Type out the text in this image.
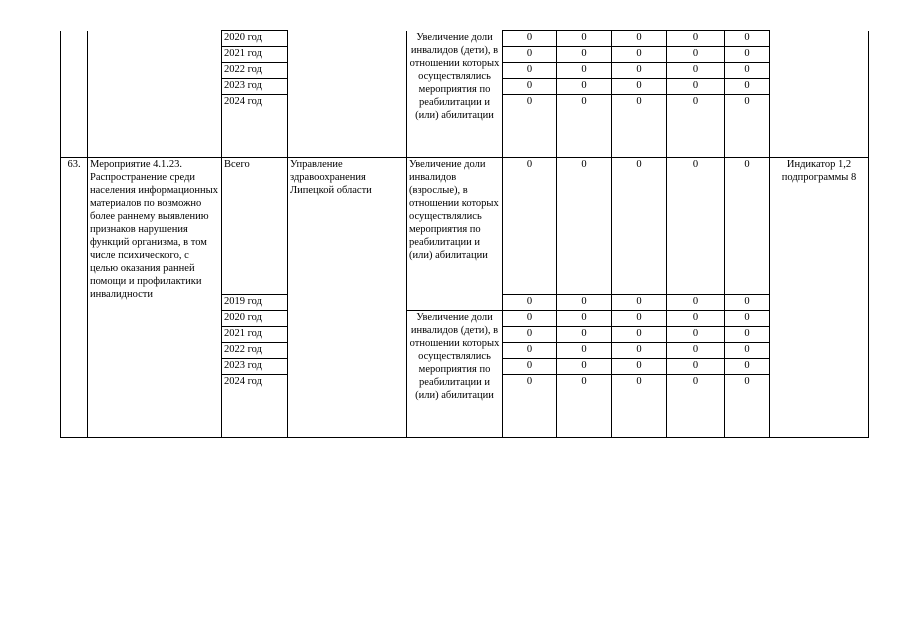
		2020 год		Увеличение доли инвалидов (дети), в отношении которых осуществлялись мероприятия по реабилитации и (или) абилитации	0	0	0	0	0	
		2021 год			0	0	0	0	0	
		2022 год			0	0	0	0	0	
		2023 год			0	0	0	0	0	
		2024 год			0	0	0	0	0	
63.	Мероприятие 4.1.23. Распространение среди населения информационных материалов по возможно более раннему выявлению признаков нарушения функций организма, в том числе психического, с целью оказания ранней помощи и профилактики инвалидности	Всего	Управление здравоохранения Липецкой области	Увеличение доли инвалидов (взрослые), в отношении которых осуществлялись мероприятия по реабилитации и (или) абилитации	0	0	0	0	0	Индикатор 1,2 подпрограммы 8
		2019 год			0	0	0	0	0	
		2020 год		Увеличение доли инвалидов (дети), в отношении которых осуществлялись мероприятия по реабилитации и (или) абилитации	0	0	0	0	0	
		2021 год			0	0	0	0	0	
		2022 год			0	0	0	0	0	
		2023 год			0	0	0	0	0	
		2024 год			0	0	0	0	0	
